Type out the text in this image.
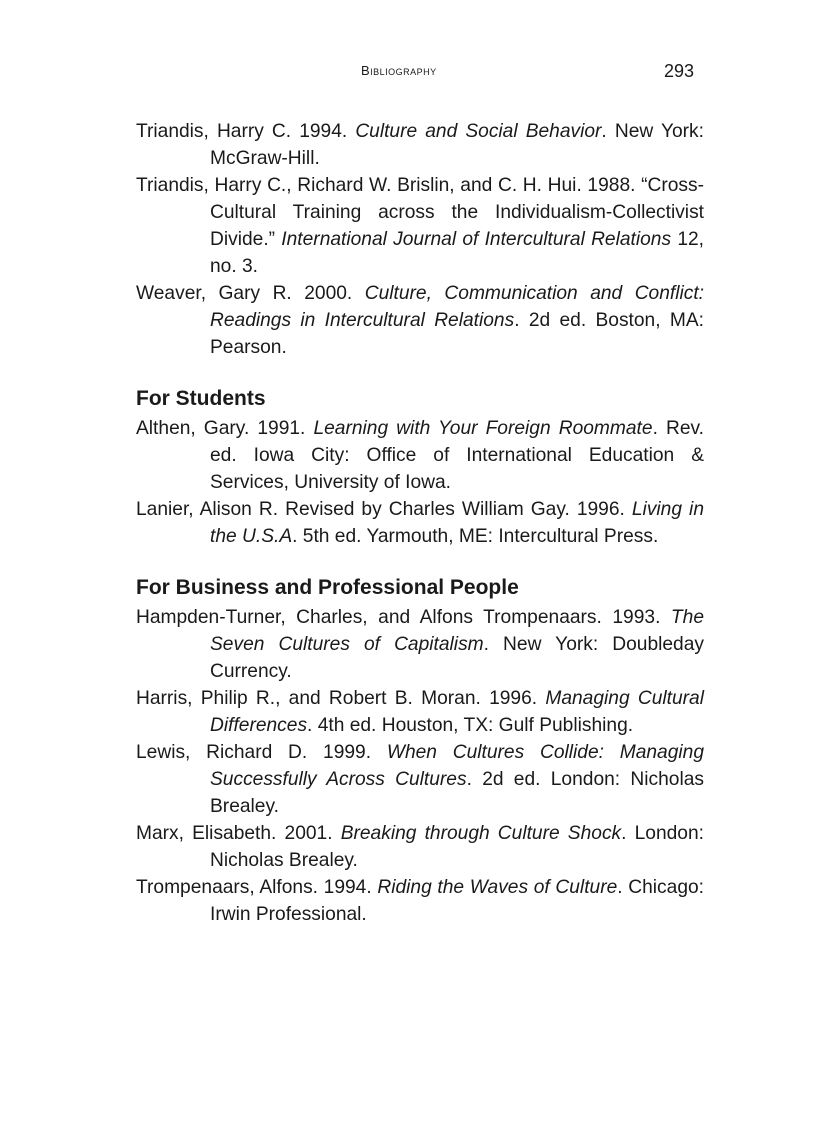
Bibliography	293

Triandis, Harry C. 1994. Culture and Social Behavior. New York: McGraw-Hill.

Triandis, Harry C., Richard W. Brislin, and C. H. Hui. 1988. “Cross-Cultural Training across the Individualism-Collectivist Divide.” International Journal of Intercultural Relations 12, no. 3.

Weaver, Gary R. 2000. Culture, Communication and Conflict: Readings in Intercultural Relations. 2d ed. Boston, MA: Pearson.

For Students

Althen, Gary. 1991. Learning with Your Foreign Roommate. Rev. ed. Iowa City: Office of International Education & Services, University of Iowa.

Lanier, Alison R. Revised by Charles William Gay. 1996. Living in the U.S.A. 5th ed. Yarmouth, ME: Intercultural Press.

For Business and Professional People

Hampden-Turner, Charles, and Alfons Trompenaars. 1993. The Seven Cultures of Capitalism. New York: Doubleday Currency.

Harris, Philip R., and Robert B. Moran. 1996. Managing Cultural Differences. 4th ed. Houston, TX: Gulf Publishing.

Lewis, Richard D. 1999. When Cultures Collide: Managing Successfully Across Cultures. 2d ed. London: Nicholas Brealey.

Marx, Elisabeth. 2001. Breaking through Culture Shock. London: Nicholas Brealey.

Trompenaars, Alfons. 1994. Riding the Waves of Culture. Chicago: Irwin Professional.
